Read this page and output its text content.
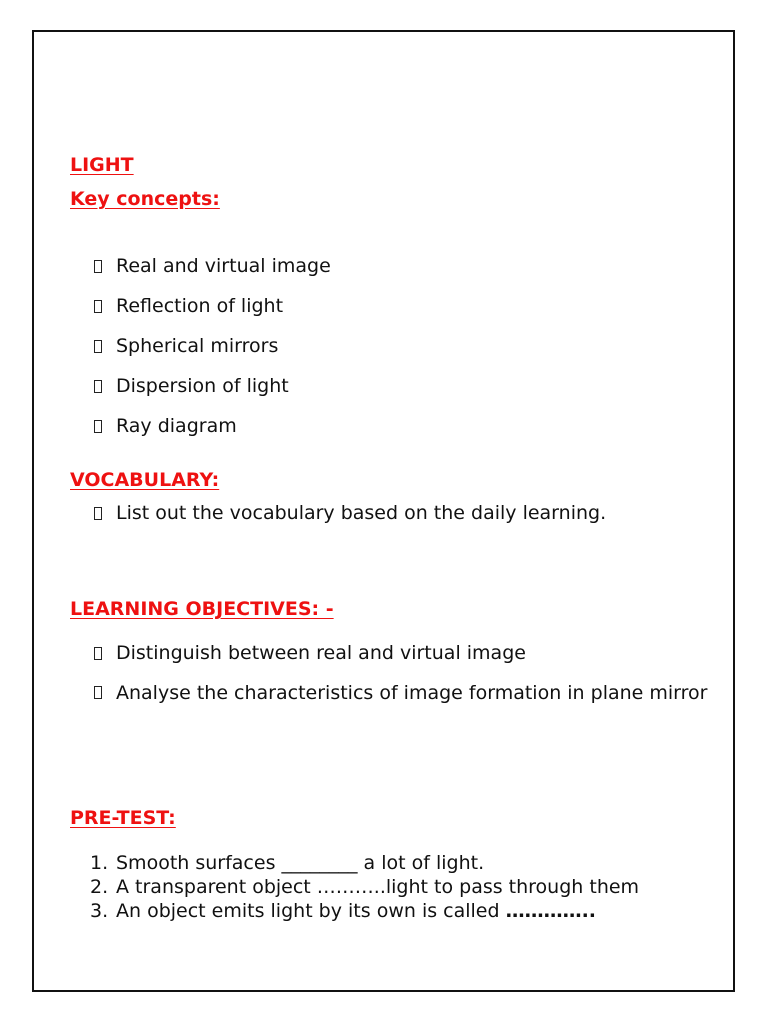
LIGHT
Key concepts:
Real and virtual image
Reflection of light
Spherical mirrors
Dispersion of light
Ray diagram
VOCABULARY:
List out the vocabulary based on the daily learning.
LEARNING OBJECTIVES: -
Distinguish between real and virtual image
Analyse the characteristics of image formation in plane mirror
PRE-TEST:
1. Smooth surfaces ________ a lot of light.
2. A transparent object ………..light to pass through them
3. An object emits light by its own is called …………..
